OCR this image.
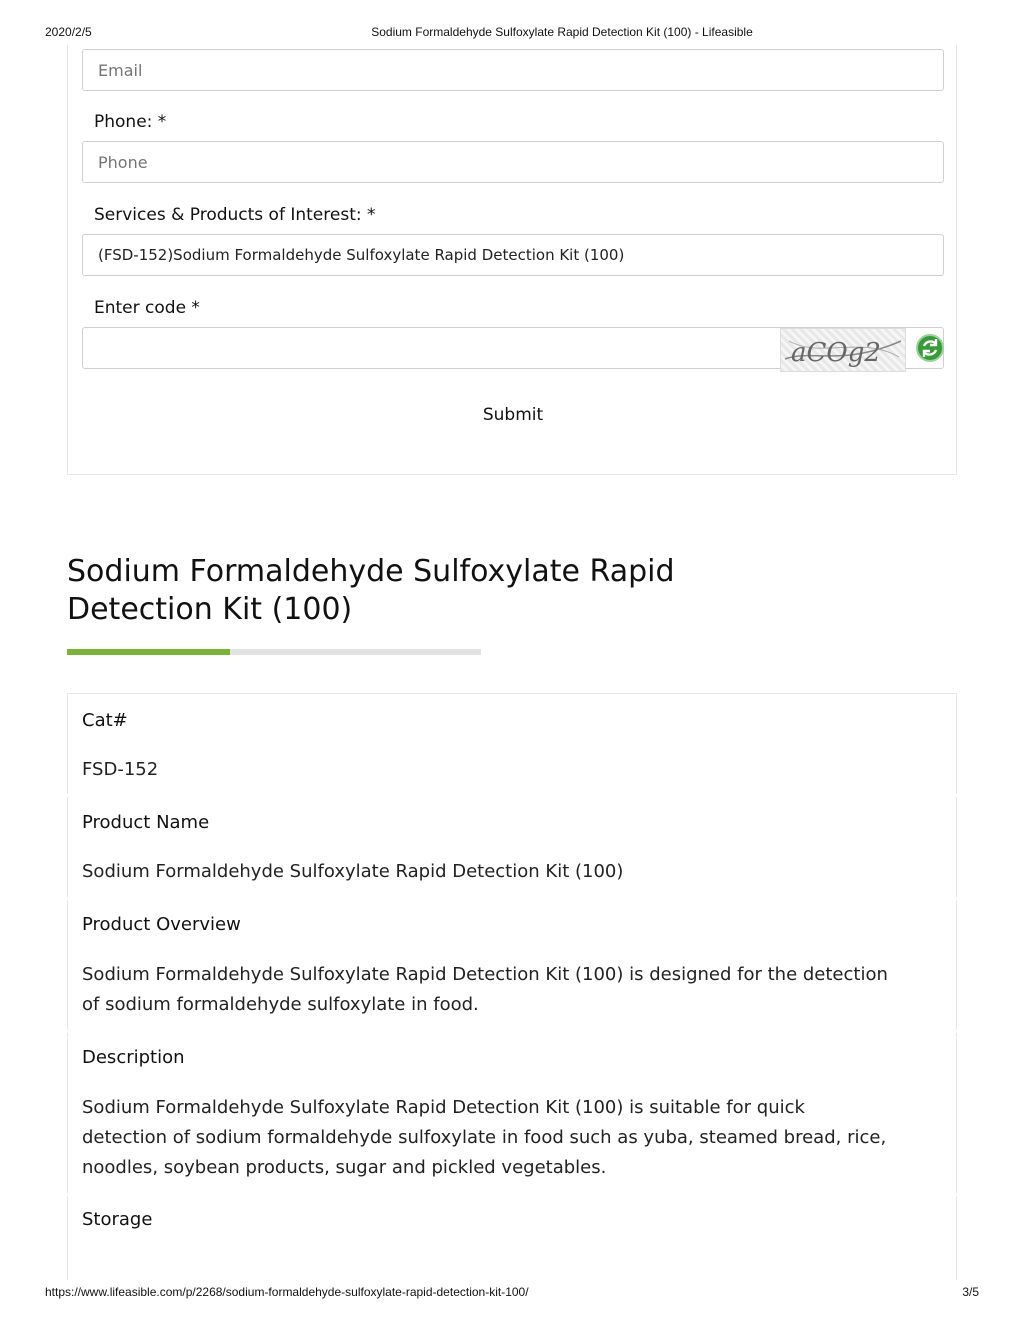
2020/2/5	Sodium Formaldehyde Sulfoxylate Rapid Detection Kit (100) - Lifeasible
Email
Phone: *
Phone
Services & Products of Interest: *
(FSD-152)Sodium Formaldehyde Sulfoxylate Rapid Detection Kit (100)
Enter code *
aCOg2
Submit
Sodium Formaldehyde Sulfoxylate Rapid
Detection Kit (100)
Cat#
FSD-152
Product Name
Sodium Formaldehyde Sulfoxylate Rapid Detection Kit (100)
Product Overview
Sodium Formaldehyde Sulfoxylate Rapid Detection Kit (100) is designed for the detection
of sodium formaldehyde sulfoxylate in food.
Description
Sodium Formaldehyde Sulfoxylate Rapid Detection Kit (100) is suitable for quick
detection of sodium formaldehyde sulfoxylate in food such as yuba, steamed bread, rice,
noodles, soybean products, sugar and pickled vegetables.
Storage
https://www.lifeasible.com/p/2268/sodium-formaldehyde-sulfoxylate-rapid-detection-kit-100/	3/5
